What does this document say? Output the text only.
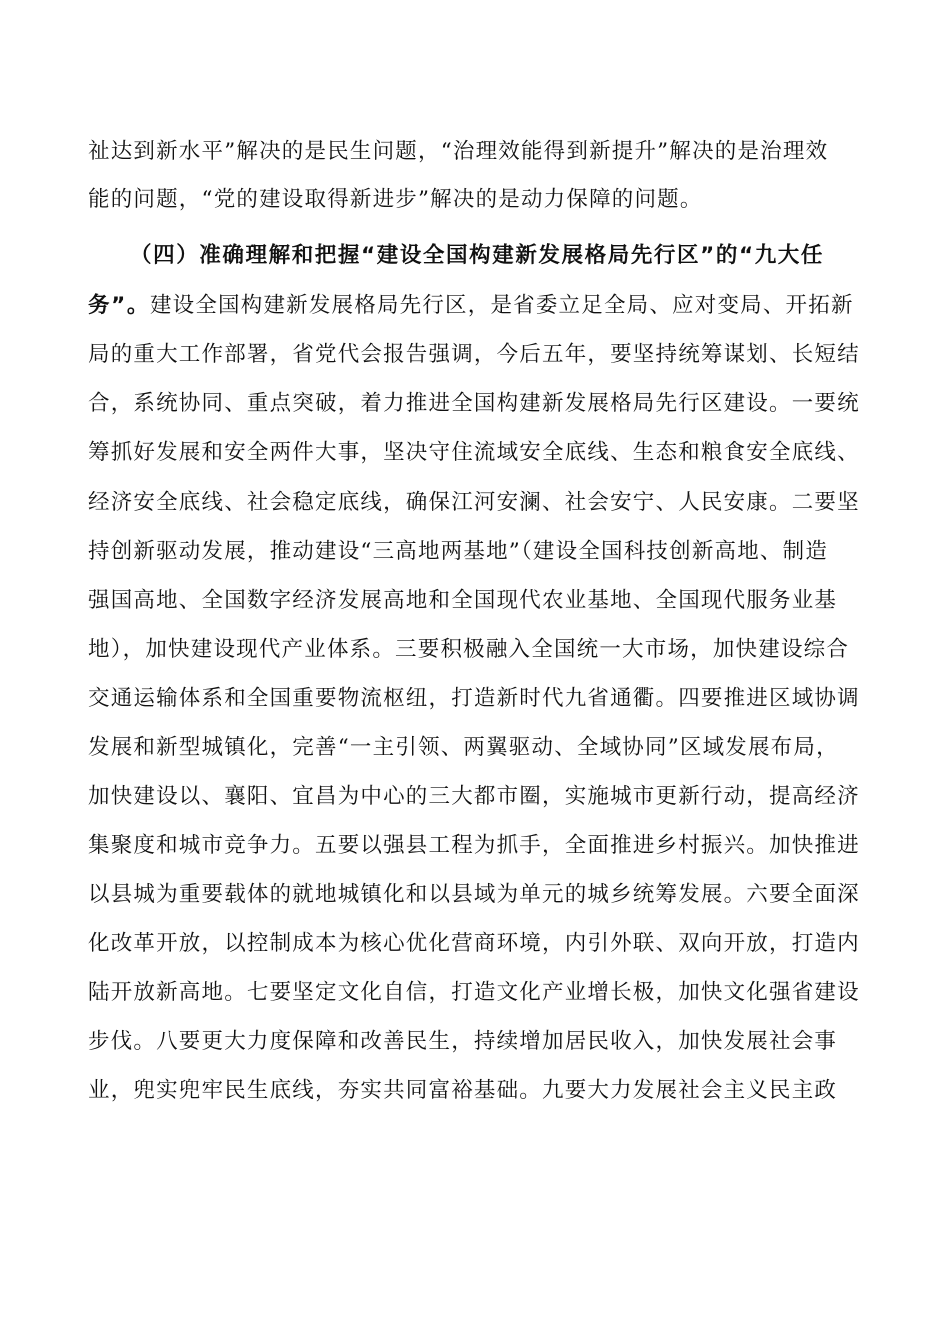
祉达到新水平”解决的是民生问题，“治理效能得到新提升”解决的是治理效
能的问题，“党的建设取得新进步”解决的是动力保障的问题。
（四）准确理解和把握“建设全国构建新发展格局先行区”的“九大任
务”。建设全国构建新发展格局先行区，是省委立足全局、应对变局、开拓新
局的重大工作部署，省党代会报告强调，今后五年，要坚持统筹谋划、长短结
合，系统协同、重点突破，着力推进全国构建新发展格局先行区建设。一要统
筹抓好发展和安全两件大事，坚决守住流域安全底线、生态和粮食安全底线、
经济安全底线、社会稳定底线，确保江河安澜、社会安宁、人民安康。二要坚
持创新驱动发展，推动建设“三高地两基地”（建设全国科技创新高地、制造
强国高地、全国数字经济发展高地和全国现代农业基地、全国现代服务业基
地），加快建设现代产业体系。三要积极融入全国统一大市场，加快建设综合
交通运输体系和全国重要物流枢纽，打造新时代九省通衢。四要推进区域协调
发展和新型城镇化，完善“一主引领、两翼驱动、全域协同”区域发展布局，
加快建设以、襄阳、宜昌为中心的三大都市圈，实施城市更新行动，提高经济
集聚度和城市竞争力。五要以强县工程为抓手，全面推进乡村振兴。加快推进
以县城为重要载体的就地城镇化和以县域为单元的城乡统筹发展。六要全面深
化改革开放，以控制成本为核心优化营商环境，内引外联、双向开放，打造内
陆开放新高地。七要坚定文化自信，打造文化产业增长极，加快文化强省建设
步伐。八要更大力度保障和改善民生，持续增加居民收入，加快发展社会事
业，兜实兜牢民生底线，夯实共同富裕基础。九要大力发展社会主义民主政
